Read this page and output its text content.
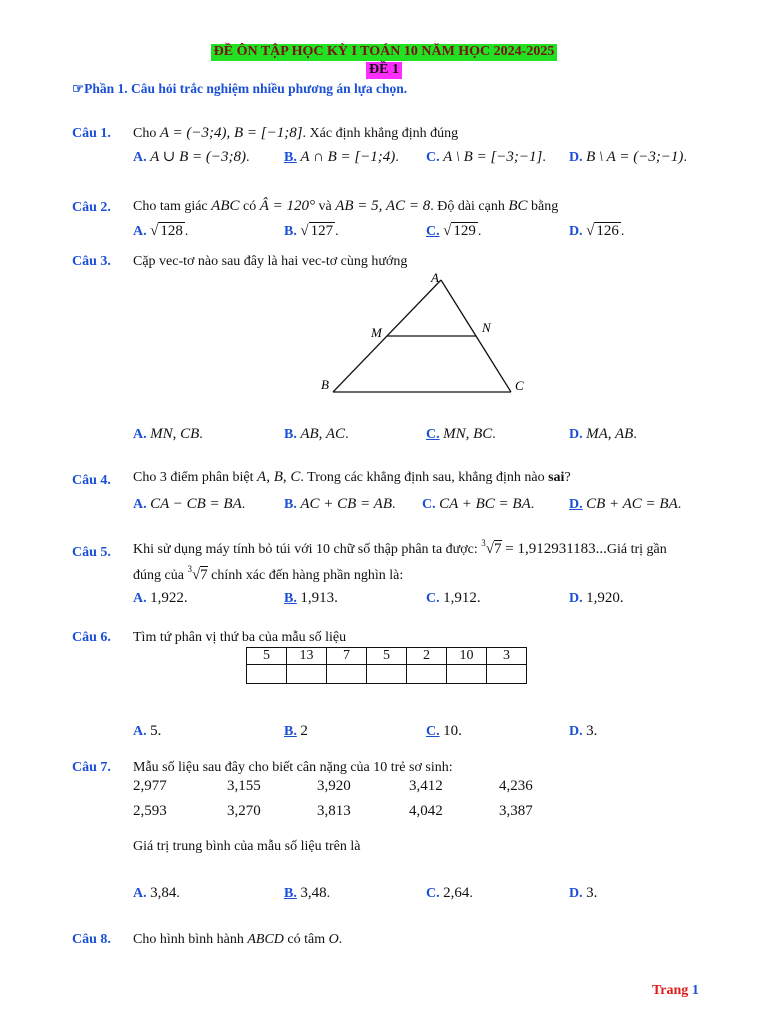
ĐỀ ÔN TẬP HỌC KỲ I TOÁN 10 NĂM HỌC 2024-2025
ĐỀ 1
☞Phần 1. Câu hỏi trắc nghiệm nhiều phương án lựa chọn.
Câu 1. Cho A = (−3;4), B = [−1;8]. Xác định khẳng định đúng
A. A ∪ B = (−3;8). B. A ∩ B = [−1;4). C. A \ B = [−3;−1]. D. B \ A = (−3;−1).
Câu 2. Cho tam giác ABC có Â = 120° và AB = 5, AC = 8. Độ dài cạnh BC bằng
A. √ 128 .	B. √ 127 .	C. √ 129 .	D. √ 126 .
Câu 3. Cặp vec-tơ nào sau đây là hai vec-tơ cùng hướng
A
M	N
B	C
A. MN, CB.	B. AB, AC.	C. MN, BC.	D. MA, AB.
Câu 4. Cho 3 điểm phân biệt A, B, C. Trong các khẳng định sau, khẳng định nào sai?
A. CA − CB = BA.	B. AC + CB = AB. C. CA + BC = BA. D. CB + AC = BA.
Câu 5. Khi sử dụng máy tính bỏ túi với 10 chữ số thập phân ta được: $^3$√7 = 1,912931183...Giá trị gần
đúng của $^3$√7 chính xác đến hàng phần nghìn là:
A. 1,922.	B. 1,913.	C. 1,912.	D. 1,920.
Câu 6. Tìm tứ phân vị thứ ba của mẫu số liệu
5	13	7	5	2	10	3

A. 5.	B. 2	C. 10.	D. 3.
Câu 7. Mẫu số liệu sau đây cho biết cân nặng của 10 trẻ sơ sinh:
2,977	3,155	3,920	3,412	4,236
2,593	3,270	3,813	4,042	3,387
Giá trị trung bình của mẫu số liệu trên là
A. 3,84.	B. 3,48.	C. 2,64.	D. 3.
Câu 8. Cho hình bình hành ABCD có tâm O.
Trang 1
